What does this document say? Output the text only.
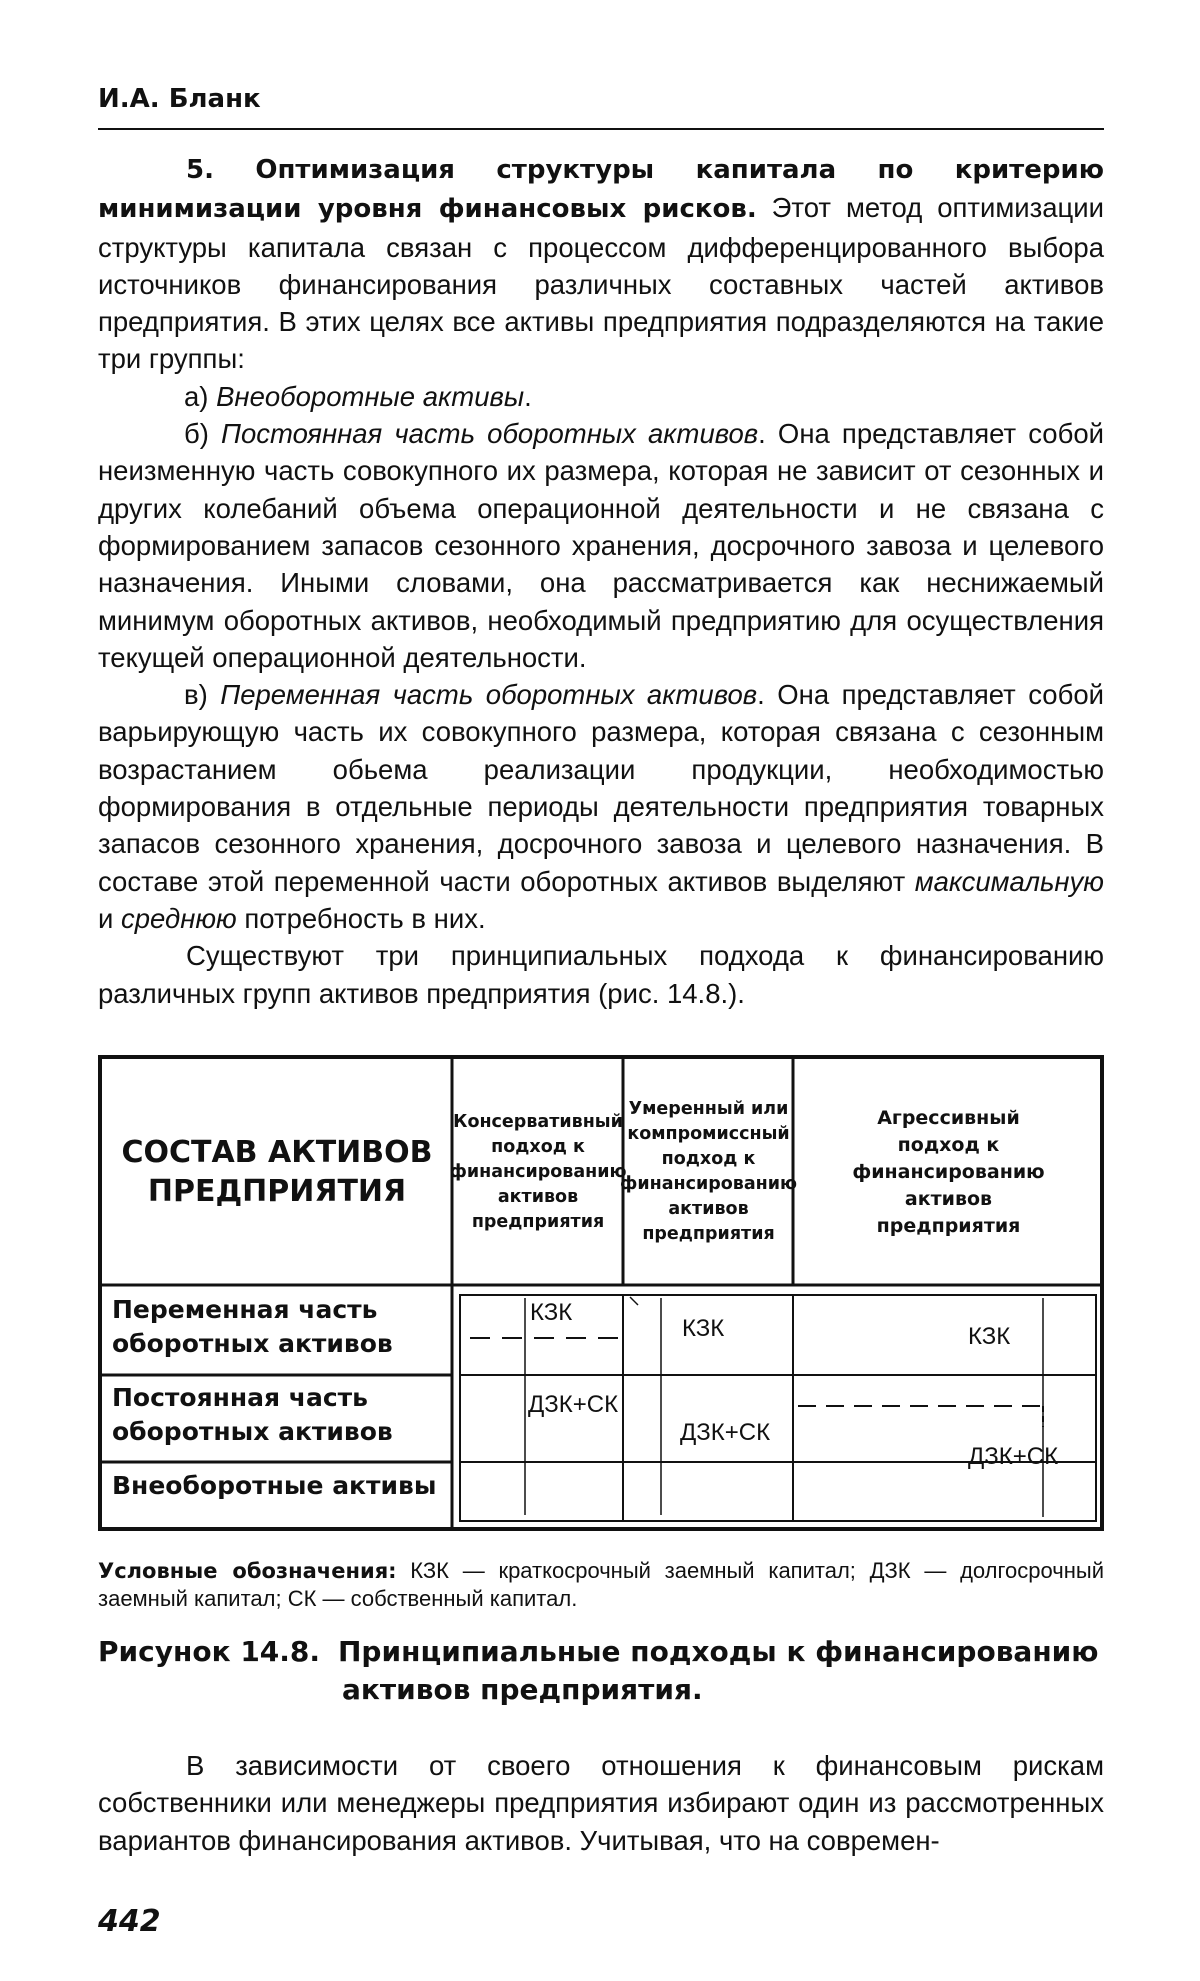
И.А. Бланк

5. Оптимизация структуры капитала по критерию минимизации уровня финансовых рисков. Этот метод оптимизации структуры капитала связан с процессом дифференцированного выбора источников финансирования различных составных частей активов предприятия. В этих целях все активы предприятия подразделяются на такие три группы:

а) Внеоборотные активы.

б) Постоянная часть оборотных активов. Она представляет собой неизменную часть совокупного их размера, которая не зависит от сезонных и других колебаний объема операционной деятельности и не связана с формированием запасов сезонного хранения, досрочного завоза и целевого назначения. Иными словами, она рассматривается как неснижаемый минимум оборотных активов, необходимый предприятию для осуществления текущей операционной деятельности.

в) Переменная часть оборотных активов. Она представляет собой варьирующую часть их совокупного размера, которая связана с сезонным возрастанием обьема реализации продукции, необходимостью формирования в отдельные периоды деятельности предприятия товарных запасов сезонного хранения, досрочного завоза и целевого назначения. В составе этой переменной части оборотных активов выделяют максимальную и среднюю потребность в них.

Существуют три принципиальных подхода к финансированию различных групп активов предприятия (рис. 14.8.).

СОСТАВ АКТИВОВ ПРЕДПРИЯТИЯ
Консервативный подход к финансированию активов предприятия
Умеренный или компромиссный подход к финансированию активов предприятия
Агрессивный подход к финансированию активов предприятия
Переменная часть оборотных активов
Постоянная часть оборотных активов
Внеоборотные активы
КЗК
ДЗК+СК
КЗК
ДЗК+СК
КЗК
ДЗК+СК
Условные обозначения: КЗК — краткосрочный заемный капитал; ДЗК — долгосрочный заемный капитал; СК — собственный капитал.
Рисунок 14.8. Принципиальные подходы к финансированию
активов предприятия.

В зависимости от своего отношения к финансовым рискам собственники или менеджеры предприятия избирают один из рассмотренных вариантов финансирования активов. Учитывая, что на современ-

442
